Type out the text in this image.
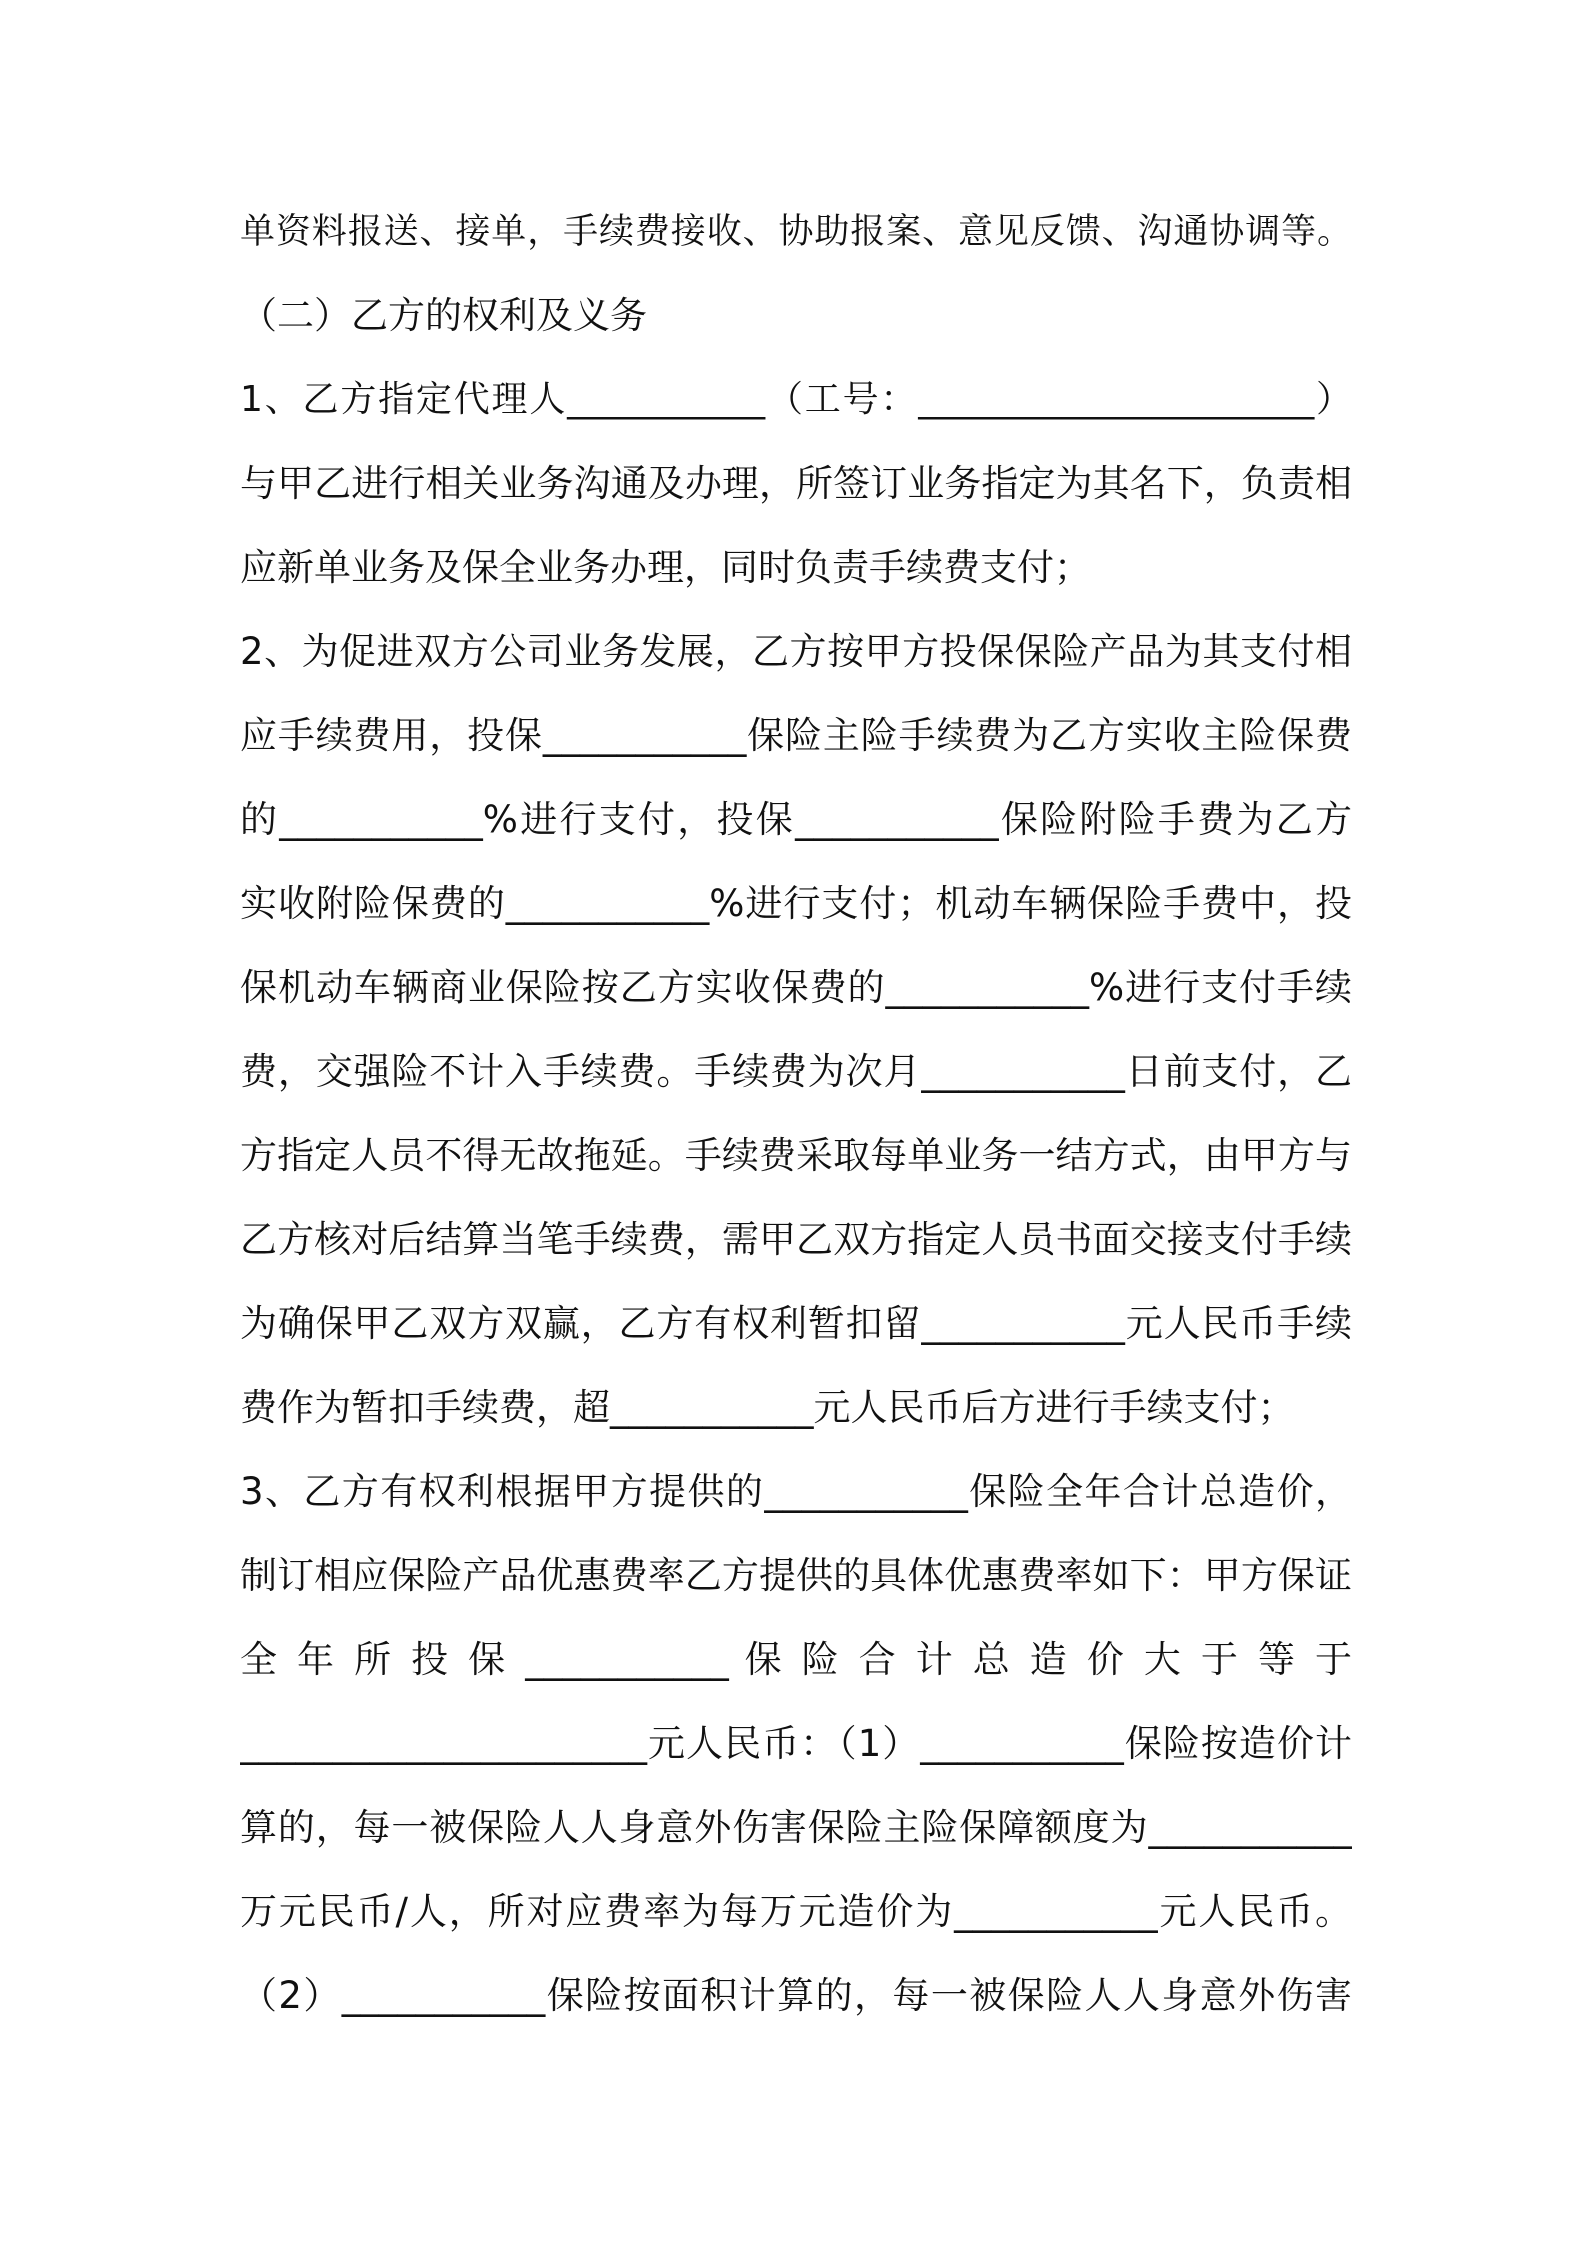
单资料报送、接单，手续费接收、协助报案、意见反馈、沟通协调等。
（二）乙方的权利及义务
1、乙方指定代理人___________（工号：______________________）
与甲乙进行相关业务沟通及办理，所签订业务指定为其名下，负责相
应新单业务及保全业务办理，同时负责手续费支付；
2、为促进双方公司业务发展，乙方按甲方投保保险产品为其支付相
应手续费用，投保___________保险主险手续费为乙方实收主险保费
的___________%进行支付，投保___________保险附险手费为乙方
实收附险保费的___________%进行支付；机动车辆保险手费中，投
保机动车辆商业保险按乙方实收保费的___________%进行支付手续
费，交强险不计入手续费。手续费为次月___________日前支付，乙
方指定人员不得无故拖延。手续费采取每单业务一结方式，由甲方与
乙方核对后结算当笔手续费，需甲乙双方指定人员书面交接支付手续
为确保甲乙双方双赢，乙方有权利暂扣留___________元人民币手续
费作为暂扣手续费，超___________元人民币后方进行手续支付；
3、乙方有权利根据甲方提供的___________保险全年合计总造价，
制订相应保险产品优惠费率乙方提供的具体优惠费率如下：甲方保证
全 年 所 投 保 ___________ 保 险 合 计 总 造 价 大 于 等 于
______________________元人民币：（1）___________保险按造价计
算的，每一被保险人人身意外伤害保险主险保障额度为___________
万元民币/人，所对应费率为每万元造价为___________元人民币。
（2）___________保险按面积计算的，每一被保险人人身意外伤害
